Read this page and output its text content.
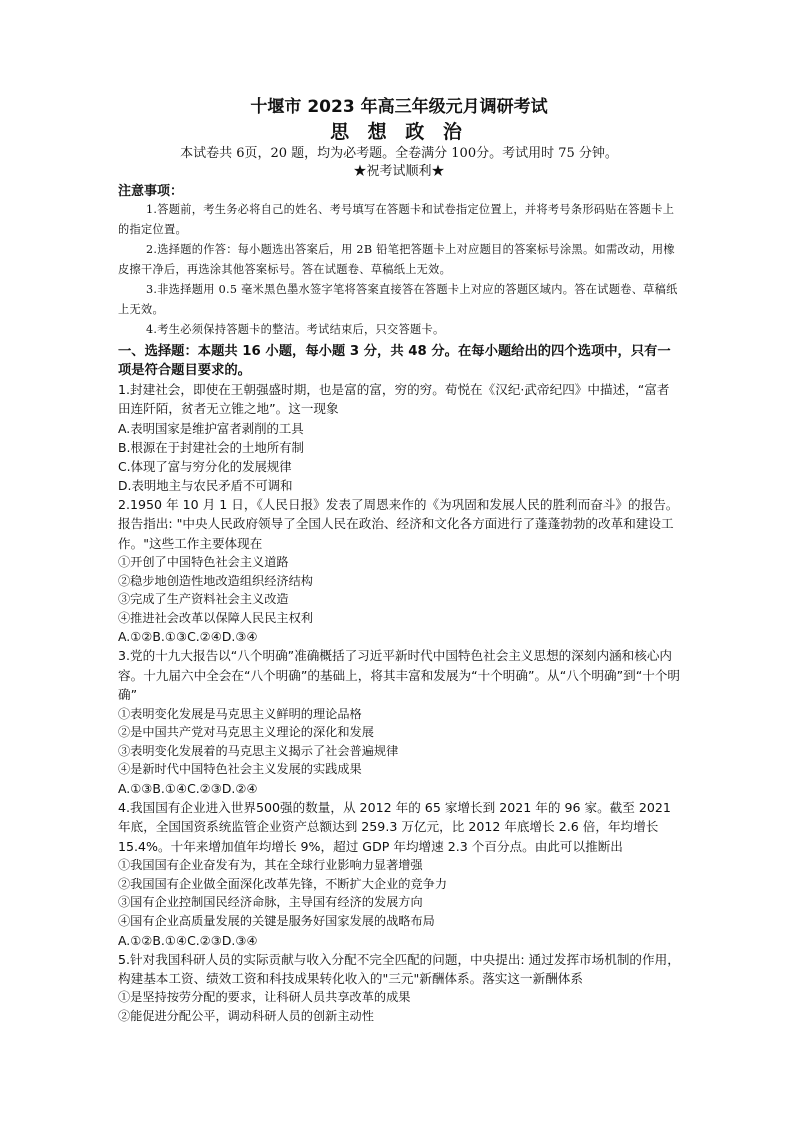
十堰市 2023 年高三年级元月调研考试
思 想 政 治
本试卷共 6页，20 题，均为必考题。全卷满分 100分。考试用时 75 分钟。
★祝考试顺利★
注意事项：

1.答题前，考生务必将自己的姓名、考号填写在答题卡和试卷指定位置上，并将考号条形码贴在答题卡上的指定位置。

2.选择题的作答：每小题选出答案后，用 2B 铅笔把答题卡上对应题目的答案标号涂黑。如需改动，用橡皮擦干净后，再选涂其他答案标号。答在试题卷、草稿纸上无效。

3.非选择题用 0.5 毫米黑色墨水签字笔将答案直接答在答题卡上对应的答题区域内。答在试题卷、草稿纸上无效。

4.考生必须保持答题卡的整洁。考试结束后，只交答题卡。

一、选择题：本题共 16 小题，每小题 3 分，共 48 分。在每小题给出的四个选项中，只有一项是符合题目要求的。
1.封建社会，即使在王朝强盛时期，也是富的富，穷的穷。荀悦在《汉纪·武帝纪四》中描述，“富者田连阡陌，贫者无立锥之地”。这一现象
A.表明国家是维护富者剥削的工具
B.根源在于封建社会的土地所有制
C.体现了富与穷分化的发展规律
D.表明地主与农民矛盾不可调和
2.1950 年 10 月 1 日，《人民日报》发表了周恩来作的《为巩固和发展人民的胜利而奋斗》的报告。报告指出: "中央人民政府领导了全国人民在政治、经济和文化各方面进行了蓬蓬勃勃的改革和建设工作。"这些工作主要体现在
①开创了中国特色社会主义道路
②稳步地创造性地改造组织经济结构
③完成了生产资料社会主义改造
④推进社会改革以保障人民民主权利
A.①②B.①③C.②④D.③④
3.党的十九大报告以“八个明确”准确概括了习近平新时代中国特色社会主义思想的深刻内涵和核心内容。十九届六中全会在“八个明确”的基础上，将其丰富和发展为“十个明确”。从“八个明确”到“十个明确”
①表明变化发展是马克思主义鲜明的理论品格
②是中国共产党对马克思主义理论的深化和发展
③表明变化发展着的马克思主义揭示了社会普遍规律
④是新时代中国特色社会主义发展的实践成果
A.①③B.①④C.②③D.②④
4.我国国有企业进入世界500强的数量，从 2012 年的 65 家增长到 2021 年的 96 家。截至 2021 年底，全国国资系统监管企业资产总额达到 259.3 万亿元，比 2012 年底增长 2.6 倍，年均增长 15.4%。十年来增加值年均增长 9%，超过 GDP 年均增速 2.3 个百分点。由此可以推断出
①我国国有企业奋发有为，其在全球行业影响力显著增强
②我国国有企业做全面深化改革先锋，不断扩大企业的竞争力
③国有企业控制国民经济命脉，主导国有经济的发展方向
④国有企业高质量发展的关键是服务好国家发展的战略布局
A.①②B.①④C.②③D.③④
5.针对我国科研人员的实际贡献与收入分配不完全匹配的问题，中央提出: 通过发挥市场机制的作用，构建基本工资、绩效工资和科技成果转化收入的"三元"新酬体系。落实这一新酬体系
①是坚持按劳分配的要求，让科研人员共享改革的成果
②能促进分配公平，调动科研人员的创新主动性
